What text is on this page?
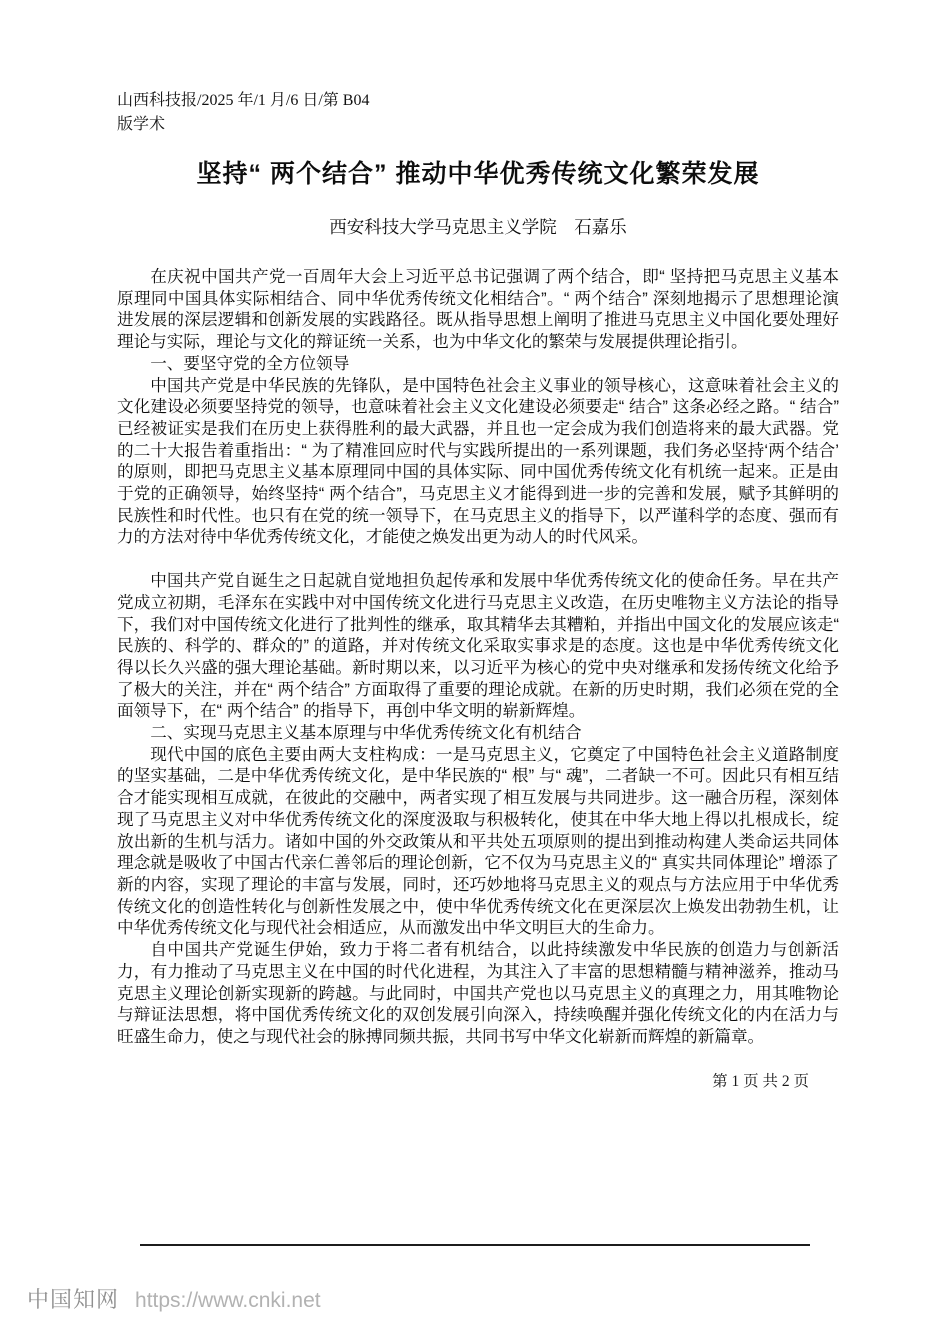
山西科技报/2025 年/1 月/6 日/第 B04
版学术
坚持“ 两个结合” 推动中华优秀传统文化繁荣发展
西安科技大学马克思主义学院　石嘉乐

在庆祝中国共产党一百周年大会上习近平总书记强调了两个结合，即“ 坚持把马克思主义基本原理同中国具体实际相结合、同中华优秀传统文化相结合”。“ 两个结合” 深刻地揭示了思想理论演进发展的深层逻辑和创新发展的实践路径。既从指导思想上阐明了推进马克思主义中国化要处理好理论与实际，理论与文化的辩证统一关系，也为中华文化的繁荣与发展提供理论指引。

一、要坚守党的全方位领导

中国共产党是中华民族的先锋队，是中国特色社会主义事业的领导核心，这意味着社会主义的文化建设必须要坚持党的领导，也意味着社会主义文化建设必须要走“ 结合” 这条必经之路。“ 结合” 已经被证实是我们在历史上获得胜利的最大武器，并且也一定会成为我们创造将来的最大武器。党的二十大报告着重指出：“ 为了精准回应时代与实践所提出的一系列课题，我们务必坚持‘两个结合’ 的原则，即把马克思主义基本原理同中国的具体实际、同中国优秀传统文化有机统一起来。正是由于党的正确领导，始终坚持“ 两个结合”，马克思主义才能得到进一步的完善和发展，赋予其鲜明的民族性和时代性。也只有在党的统一领导下，在马克思主义的指导下，以严谨科学的态度、强而有力的方法对待中华优秀传统文化，才能使之焕发出更为动人的时代风采。

中国共产党自诞生之日起就自觉地担负起传承和发展中华优秀传统文化的使命任务。早在共产党成立初期，毛泽东在实践中对中国传统文化进行马克思主义改造，在历史唯物主义方法论的指导下，我们对中国传统文化进行了批判性的继承，取其精华去其糟粕，并指出中国文化的发展应该走“ 民族的、科学的、群众的” 的道路，并对传统文化采取实事求是的态度。这也是中华优秀传统文化得以长久兴盛的强大理论基础。新时期以来，以习近平为核心的党中央对继承和发扬传统文化给予了极大的关注，并在“ 两个结合” 方面取得了重要的理论成就。在新的历史时期，我们必须在党的全面领导下，在“ 两个结合” 的指导下，再创中华文明的崭新辉煌。

二、实现马克思主义基本原理与中华优秀传统文化有机结合

现代中国的底色主要由两大支柱构成：一是马克思主义，它奠定了中国特色社会主义道路制度的坚实基础，二是中华优秀传统文化，是中华民族的“ 根” 与“ 魂”，二者缺一不可。因此只有相互结合才能实现相互成就，在彼此的交融中，两者实现了相互发展与共同进步。这一融合历程，深刻体现了马克思主义对中华优秀传统文化的深度汲取与积极转化，使其在中华大地上得以扎根成长，绽放出新的生机与活力。诸如中国的外交政策从和平共处五项原则的提出到推动构建人类命运共同体理念就是吸收了中国古代亲仁善邻后的理论创新，它不仅为马克思主义的“ 真实共同体理论” 增添了新的内容，实现了理论的丰富与发展，同时，还巧妙地将马克思主义的观点与方法应用于中华优秀传统文化的创造性转化与创新性发展之中，使中华优秀传统文化在更深层次上焕发出勃勃生机，让中华优秀传统文化与现代社会相适应，从而激发出中华文明巨大的生命力。

自中国共产党诞生伊始，致力于将二者有机结合，以此持续激发中华民族的创造力与创新活力，有力推动了马克思主义在中国的时代化进程，为其注入了丰富的思想精髓与精神滋养，推动马克思主义理论创新实现新的跨越。与此同时，中国共产党也以马克思主义的真理之力，用其唯物论与辩证法思想，将中国优秀传统文化的双创发展引向深入，持续唤醒并强化传统文化的内在活力与旺盛生命力，使之与现代社会的脉搏同频共振，共同书写中华文化崭新而辉煌的新篇章。

第 1 页 共 2 页
中国知网 https://www.cnki.net
